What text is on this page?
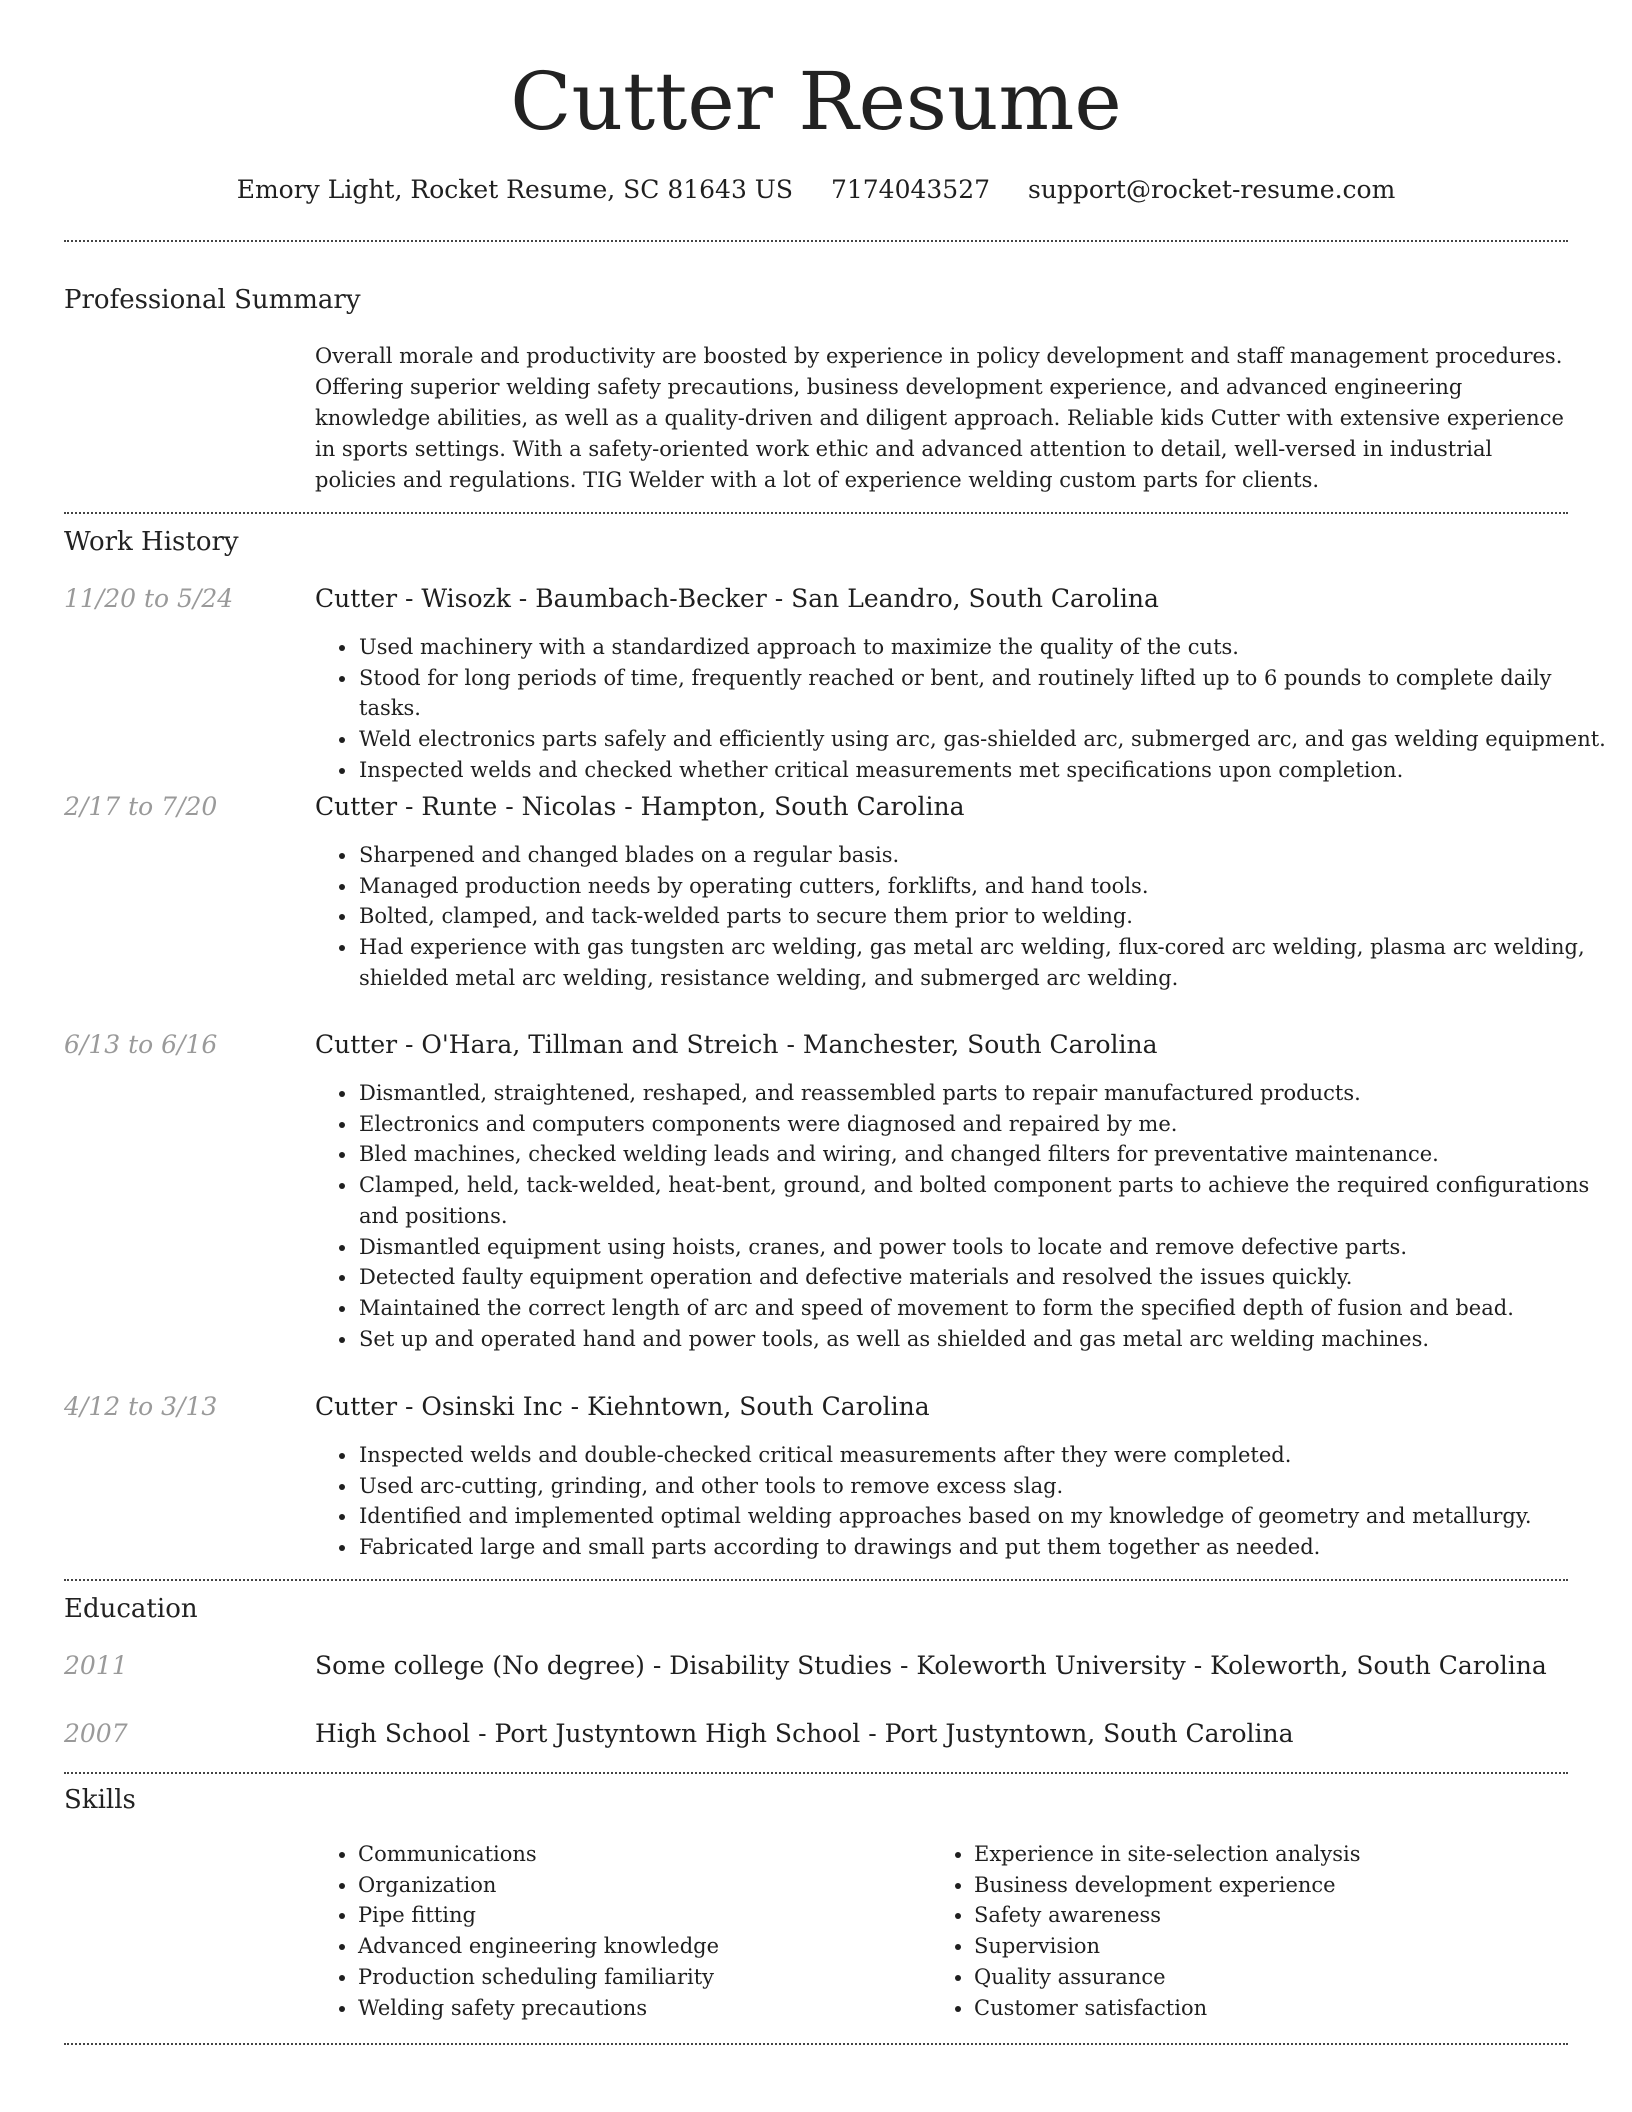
Cutter Resume
Emory Light, Rocket Resume, SC 81643 US 7174043527 support@rocket-resume.com
Professional Summary

Overall morale and productivity are boosted by experience in policy development and staff management procedures. Offering superior welding safety precautions, business development experience, and advanced engineering knowledge abilities, as well as a quality-driven and diligent approach. Reliable kids Cutter with extensive experience in sports settings. With a safety-oriented work ethic and advanced attention to detail, well-versed in industrial policies and regulations. TIG Welder with a lot of experience welding custom parts for clients.

Work History
11/20 to 5/24	Cutter - Wisozk - Baumbach-Becker - San Leandro, South Carolina
• Used machinery with a standardized approach to maximize the quality of the cuts.
• Stood for long periods of time, frequently reached or bent, and routinely lifted up to 6 pounds to complete daily tasks.
• Weld electronics parts safely and efficiently using arc, gas-shielded arc, submerged arc, and gas welding equipment.
• Inspected welds and checked whether critical measurements met specifications upon completion.
2/17 to 7/20	Cutter - Runte - Nicolas - Hampton, South Carolina
• Sharpened and changed blades on a regular basis.
• Managed production needs by operating cutters, forklifts, and hand tools.
• Bolted, clamped, and tack-welded parts to secure them prior to welding.
• Had experience with gas tungsten arc welding, gas metal arc welding, flux-cored arc welding, plasma arc welding, shielded metal arc welding, resistance welding, and submerged arc welding.
6/13 to 6/16	Cutter - O'Hara, Tillman and Streich - Manchester, South Carolina
• Dismantled, straightened, reshaped, and reassembled parts to repair manufactured products.
• Electronics and computers components were diagnosed and repaired by me.
• Bled machines, checked welding leads and wiring, and changed filters for preventative maintenance.
• Clamped, held, tack-welded, heat-bent, ground, and bolted component parts to achieve the required configurations and positions.
• Dismantled equipment using hoists, cranes, and power tools to locate and remove defective parts.
• Detected faulty equipment operation and defective materials and resolved the issues quickly.
• Maintained the correct length of arc and speed of movement to form the specified depth of fusion and bead.
• Set up and operated hand and power tools, as well as shielded and gas metal arc welding machines.
4/12 to 3/13	Cutter - Osinski Inc - Kiehntown, South Carolina
• Inspected welds and double-checked critical measurements after they were completed.
• Used arc-cutting, grinding, and other tools to remove excess slag.
• Identified and implemented optimal welding approaches based on my knowledge of geometry and metallurgy.
• Fabricated large and small parts according to drawings and put them together as needed.
Education
2011	Some college (No degree) - Disability Studies - Koleworth University - Koleworth, South Carolina
2007	High School - Port Justyntown High School - Port Justyntown, South Carolina
Skills
• Communications
• Organization
• Pipe fitting
• Advanced engineering knowledge
• Production scheduling familiarity
• Welding safety precautions
• Experience in site-selection analysis
• Business development experience
• Safety awareness
• Supervision
• Quality assurance
• Customer satisfaction
